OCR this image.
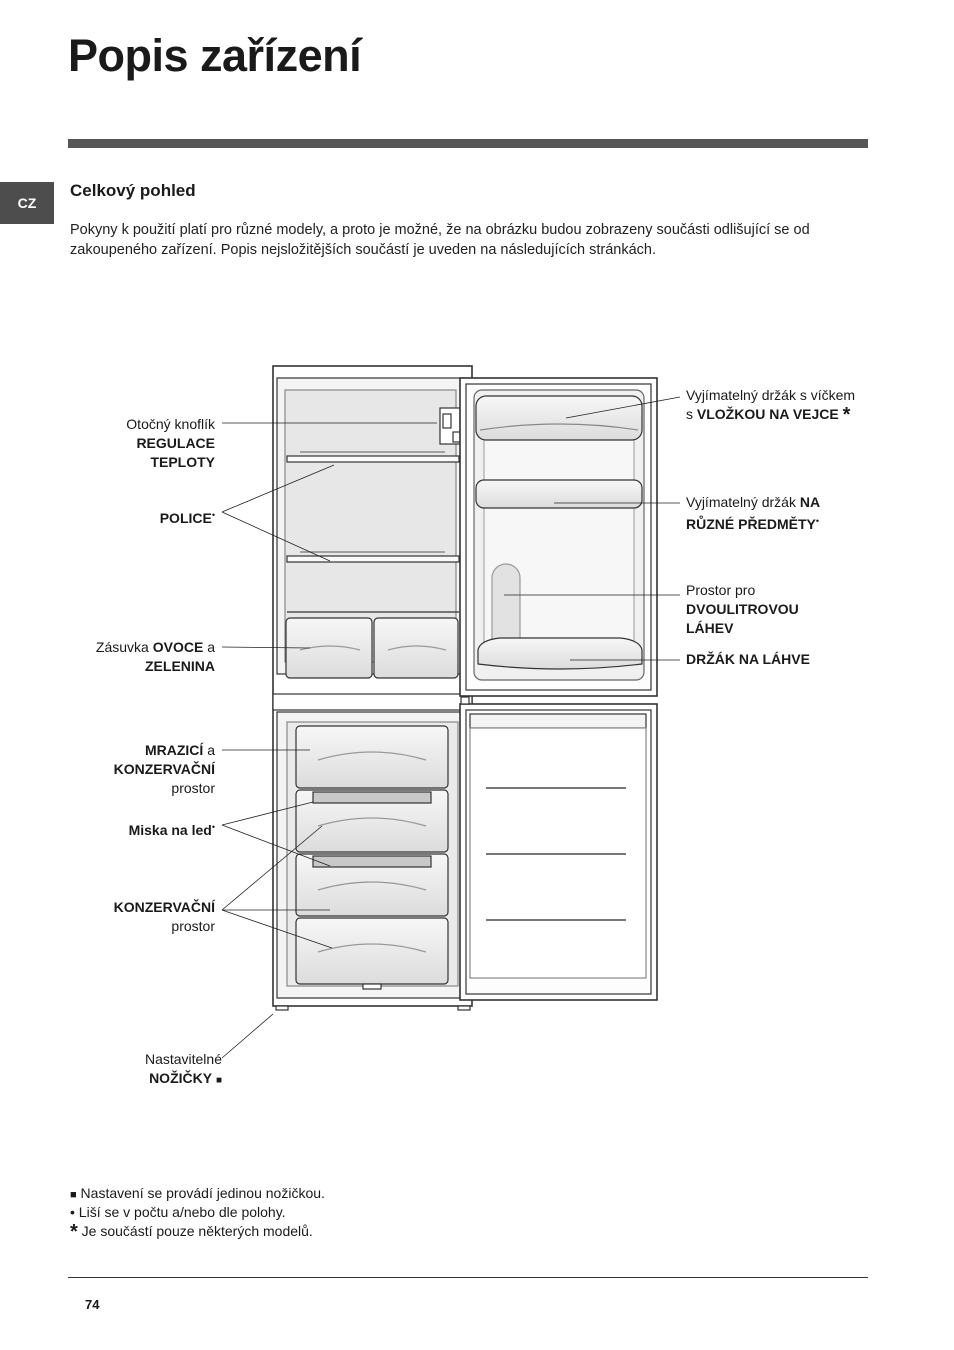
Popis zařízení
CZ
Celkový pohled

Pokyny k použití platí pro různé modely, a proto je možné, že na obrázku budou zobrazeny součásti odlišující se od zakoupeného zařízení. Popis nejsložitějších součástí je uveden na následujících stránkách.

Otočný knoflík
REGULACE
TEPLOTY
POLICE•
Zásuvka OVOCE a
ZELENINA
MRAZICÍ a
KONZERVAČNÍ
prostor
Miska na led•
KONZERVAČNÍ
prostor
Nastavitelné
NOŽIČKY ■
Vyjímatelný držák s víčkem
s VLOŽKOU NA VEJCE *
Vyjímatelný držák NA
RŮZNÉ PŘEDMĚTY•
Prostor pro
DVOULITROVOU
LÁHEV
DRŽÁK NA LÁHVE
■ Nastavení se provádí jedinou nožičkou.
• Liší se v počtu a/nebo dle polohy.
* Je součástí pouze některých modelů.
74
